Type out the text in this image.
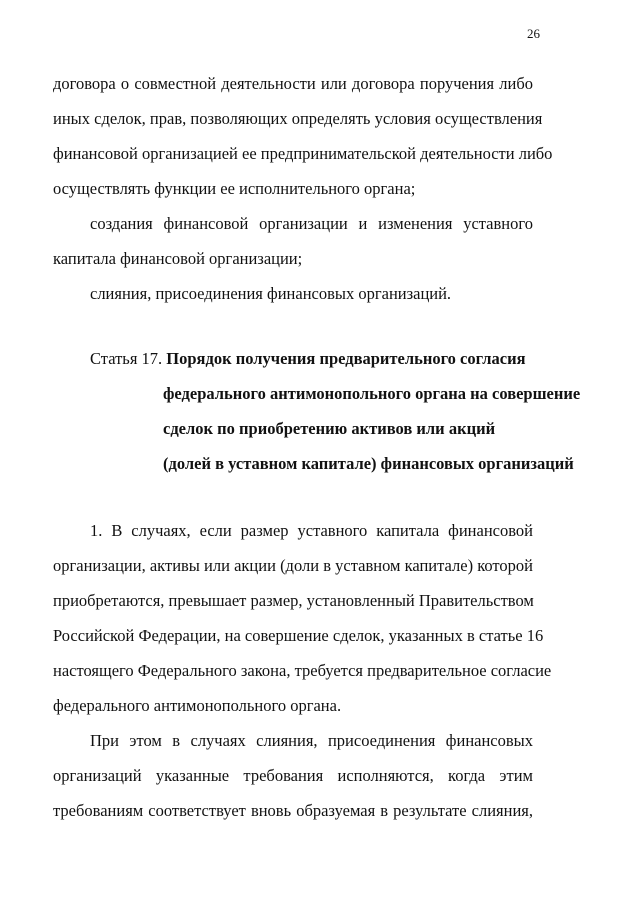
26
договора о совместной деятельности или договора поручения либо
иных сделок, прав, позволяющих определять условия осуществления
финансовой организацией ее предпринимательской деятельности либо
осуществлять функции ее исполнительного органа;
создания финансовой организации и изменения уставного
капитала финансовой организации;
слияния, присоединения финансовых организаций.
Статья 17. Порядок получения предварительного согласия
федерального антимонопольного органа на совершение
сделок по приобретению активов или акций
(долей в уставном капитале) финансовых организаций
1. В случаях, если размер уставного капитала финансовой
организации, активы или акции (доли в уставном капитале) которой
приобретаются, превышает размер, установленный Правительством
Российской Федерации, на совершение сделок, указанных в статье 16
настоящего Федерального закона, требуется предварительное согласие
федерального антимонопольного органа.
При этом в случаях слияния, присоединения финансовых
организаций указанные требования исполняются, когда этим
требованиям соответствует вновь образуемая в результате слияния,
